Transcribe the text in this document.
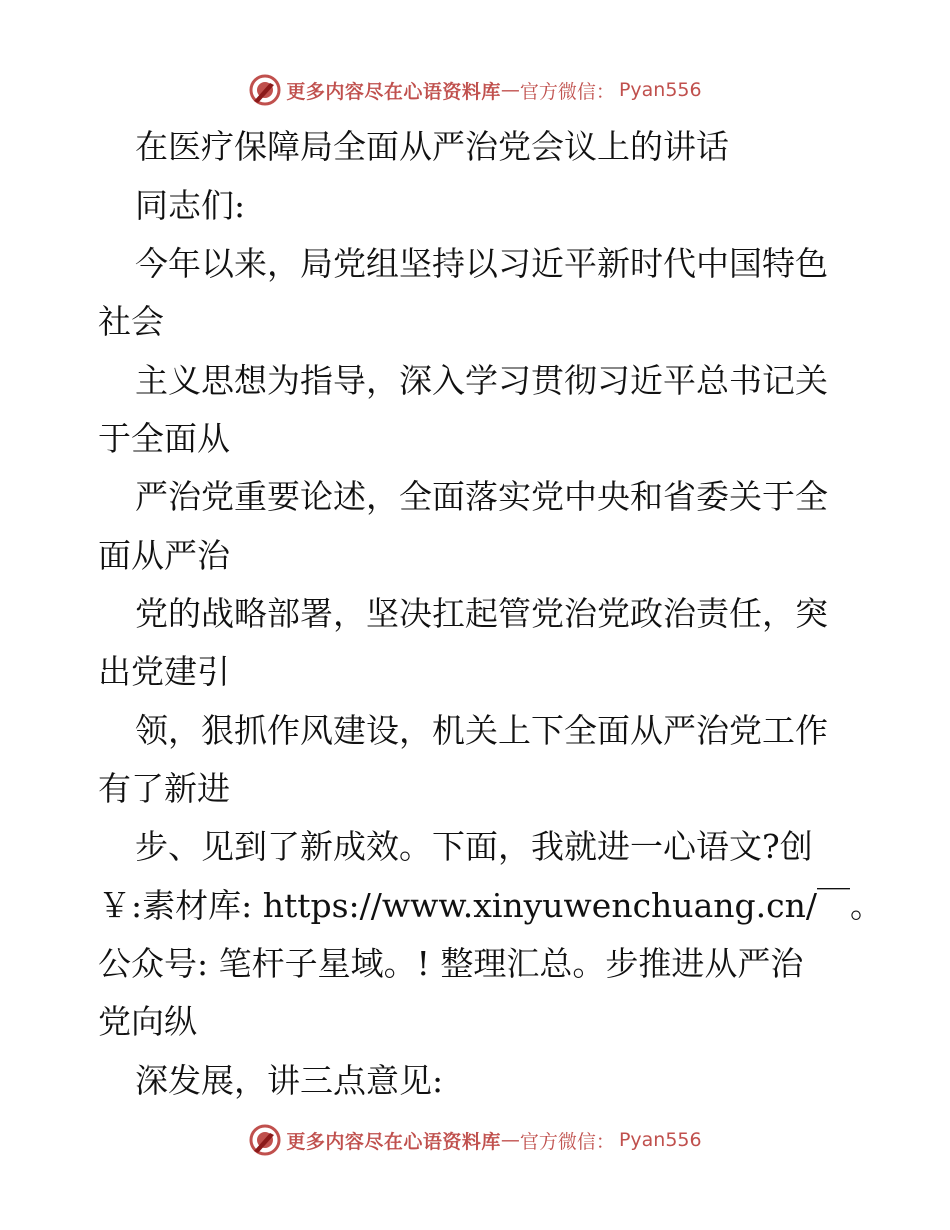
更多内容尽在心语资料库 — 官方微信： Pyan556
在医疗保障局全面从严治党会议上的讲话
同志们:
今年以来，局党组坚持以习近平新时代中国特色
社会
主义思想为指导，深入学习贯彻习近平总书记关
于全面从
严治党重要论述，全面落实党中央和省委关于全
面从严治
党的战略部署，坚决扛起管党治党政治责任，突
出党建引
领，狠抓作风建设，机关上下全面从严治党工作
有了新进
步、见到了新成效。下面，我就进一心语文?创
￥:素材库: https://www.xinyuwenchuang.cn/￣。
公众号: 笔杆子星域。! 整理汇总。步推进从严治
党向纵
深发展，讲三点意见:
更多内容尽在心语资料库 — 官方微信： Pyan556
